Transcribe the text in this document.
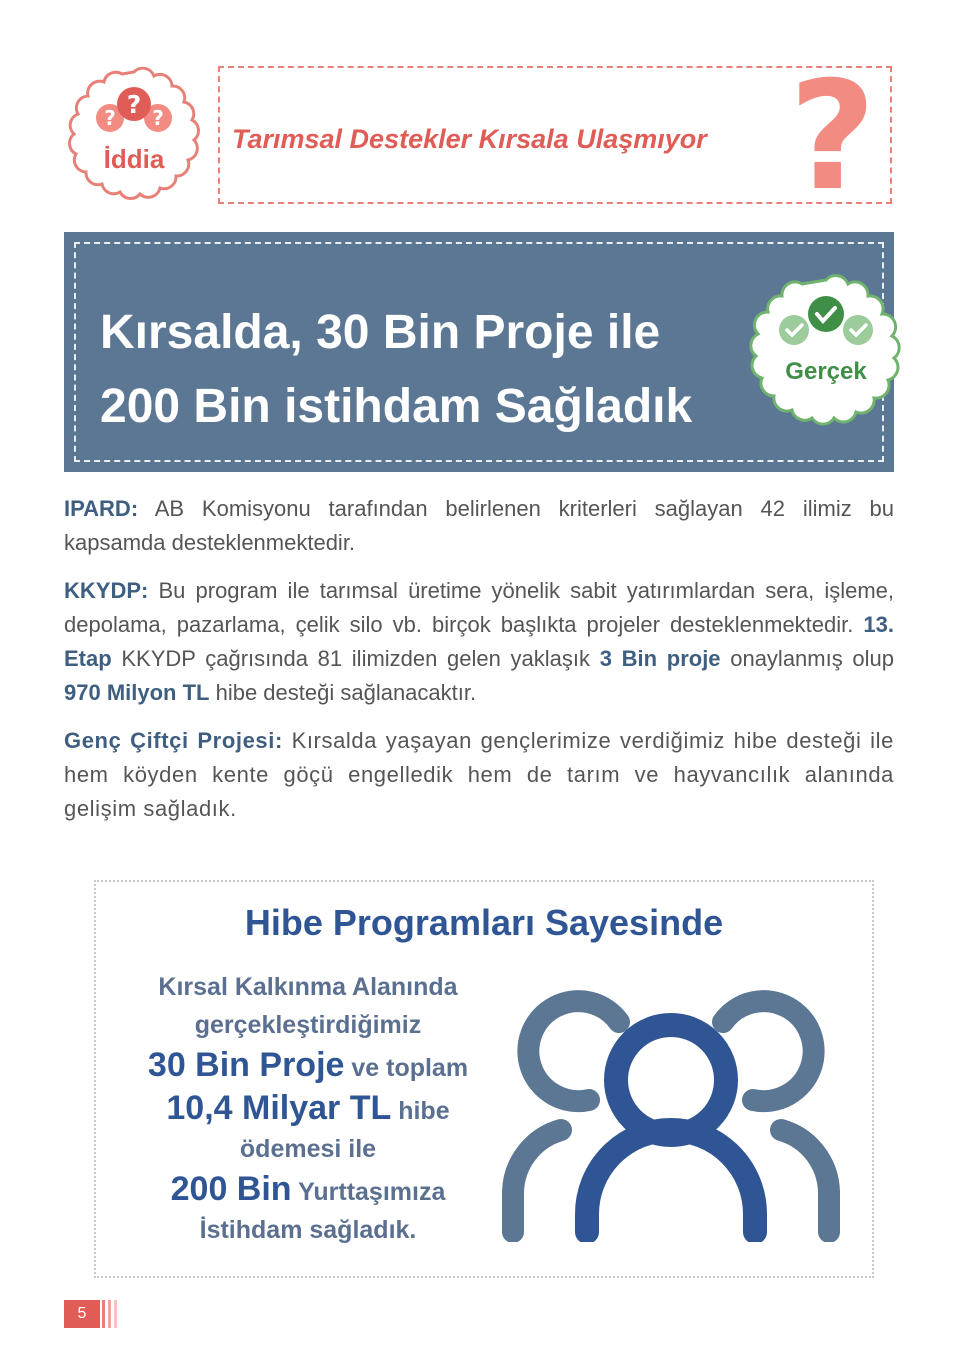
? ?
?
İddia
Tarımsal Destekler Kırsala Ulaşmıyor ?
Kırsalda, 30 Bin Proje ile
200 Bin istihdam Sağladık
Gerçek
IPARD: AB Komisyonu tarafından belirlenen kriterleri sağlayan 42 ilimiz bu kapsamda desteklenmektedir.
KKYDP: Bu program ile tarımsal üretime yönelik sabit yatırımlardan sera, işleme, depolama, pazarlama, çelik silo vb. birçok başlıkta projeler desteklenmektedir. 13. Etap KKYDP çağrısında 81 ilimizden gelen yaklaşık 3 Bin proje onaylanmış olup 970 Milyon TL hibe desteği sağlanacaktır.
Genç Çiftçi Projesi: Kırsalda yaşayan gençlerimize verdiğimiz hibe desteği ile hem köyden kente göçü engelledik hem de tarım ve hayvancılık alanında gelişim sağladık.
Hibe Programları Sayesinde
Kırsal Kalkınma Alanında
gerçekleştirdiğimiz
30 Bin Proje ve toplam
10,4 Milyar TL hibe
ödemesi ile
200 Bin Yurttaşımıza
İstihdam sağladık.
5
